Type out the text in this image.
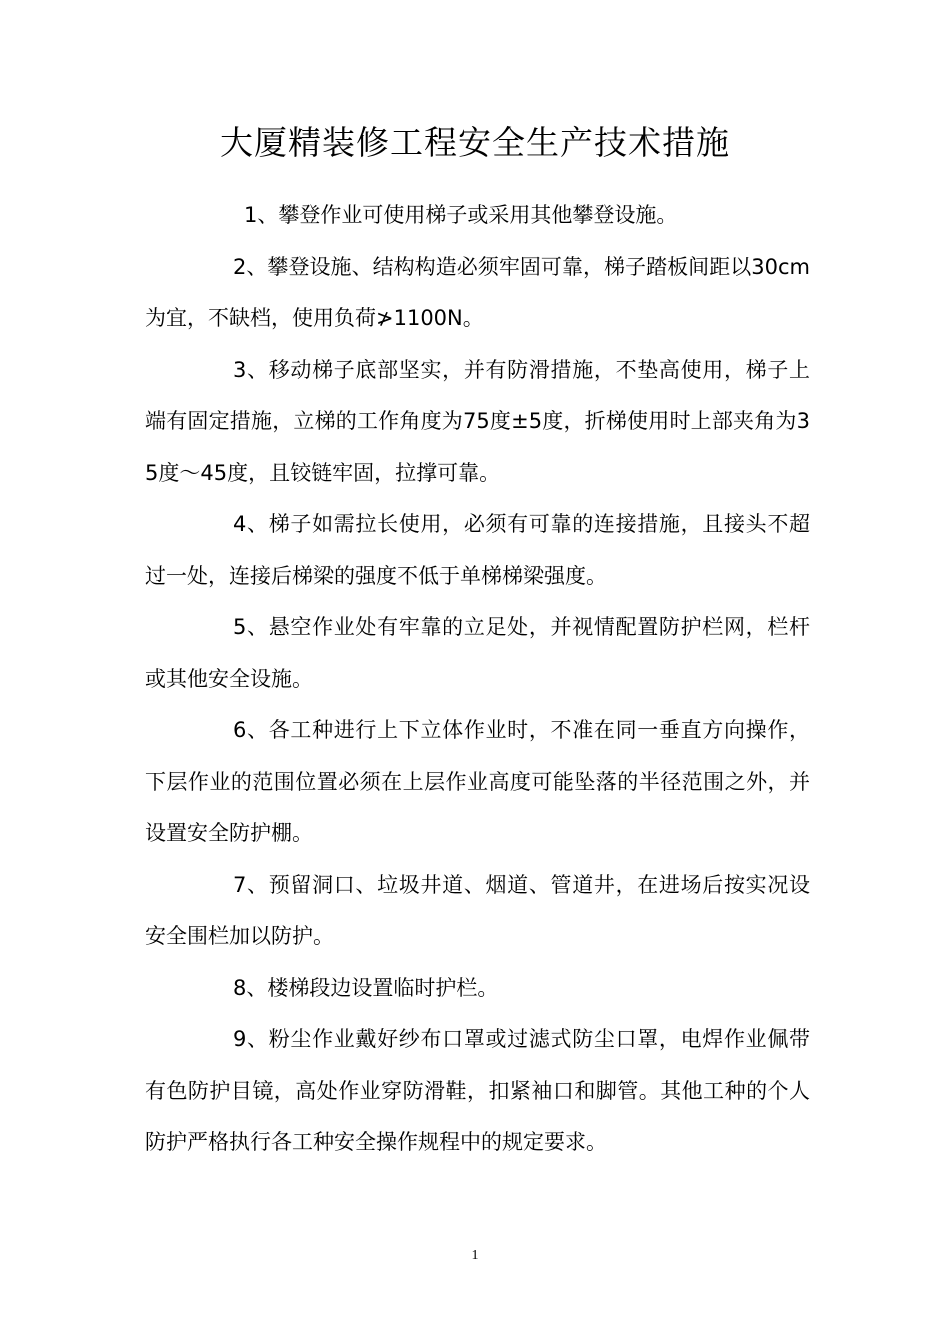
大厦精装修工程安全生产技术措施

1、攀登作业可使用梯子或采用其他攀登设施。

2、攀登设施、结构构造必须牢固可靠，梯子踏板间距以30cm为宜，不缺档，使用负荷≯1100N。

3、移动梯子底部坚实，并有防滑措施，不垫高使用，梯子上端有固定措施，立梯的工作角度为75度±5度，折梯使用时上部夹角为35度～45度，且铰链牢固，拉撑可靠。

4、梯子如需拉长使用，必须有可靠的连接措施，且接头不超过一处，连接后梯梁的强度不低于单梯梯梁强度。

5、悬空作业处有牢靠的立足处，并视情配置防护栏网，栏杆或其他安全设施。

6、各工种进行上下立体作业时，不准在同一垂直方向操作，下层作业的范围位置必须在上层作业高度可能坠落的半径范围之外，并设置安全防护棚。

7、预留洞口、垃圾井道、烟道、管道井，在进场后按实况设安全围栏加以防护。

8、楼梯段边设置临时护栏。

9、粉尘作业戴好纱布口罩或过滤式防尘口罩，电焊作业佩带有色防护目镜，高处作业穿防滑鞋，扣紧袖口和脚管。其他工种的个人防护严格执行各工种安全操作规程中的规定要求。

1
